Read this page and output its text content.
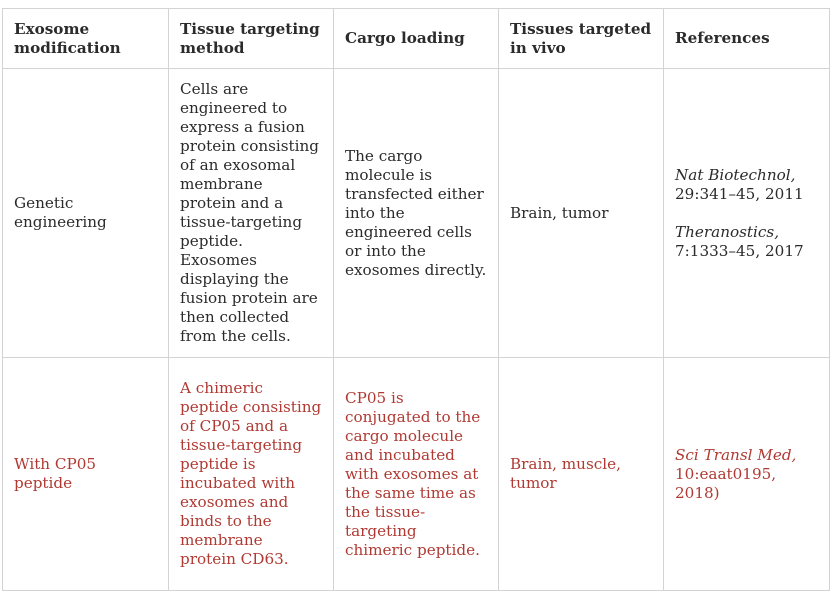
Exosome modification	Tissue targeting method	Cargo loading	Tissues targeted in vivo	References
Genetic engineering	Cells are engineered to express a fusion protein consisting of an exosomal membrane protein and a tissue-targeting peptide. Exosomes displaying the fusion protein are then collected from the cells.	The cargo molecule is transfected either into the engineered cells or into the exosomes directly.	Brain, tumor	Nat Biotechnol,
29:341–45, 2011
Theranostics,
7:1333–45, 2017

With CP05 peptide	A chimeric peptide consisting of CP05 and a tissue-targeting peptide is incubated with exosomes and binds to the membrane protein CD63.	CP05 is conjugated to the cargo molecule and incubated with exosomes at the same time as the tissue-targeting chimeric peptide.	Brain, muscle, tumor	Sci Transl Med,
10:eaat0195, 2018)
